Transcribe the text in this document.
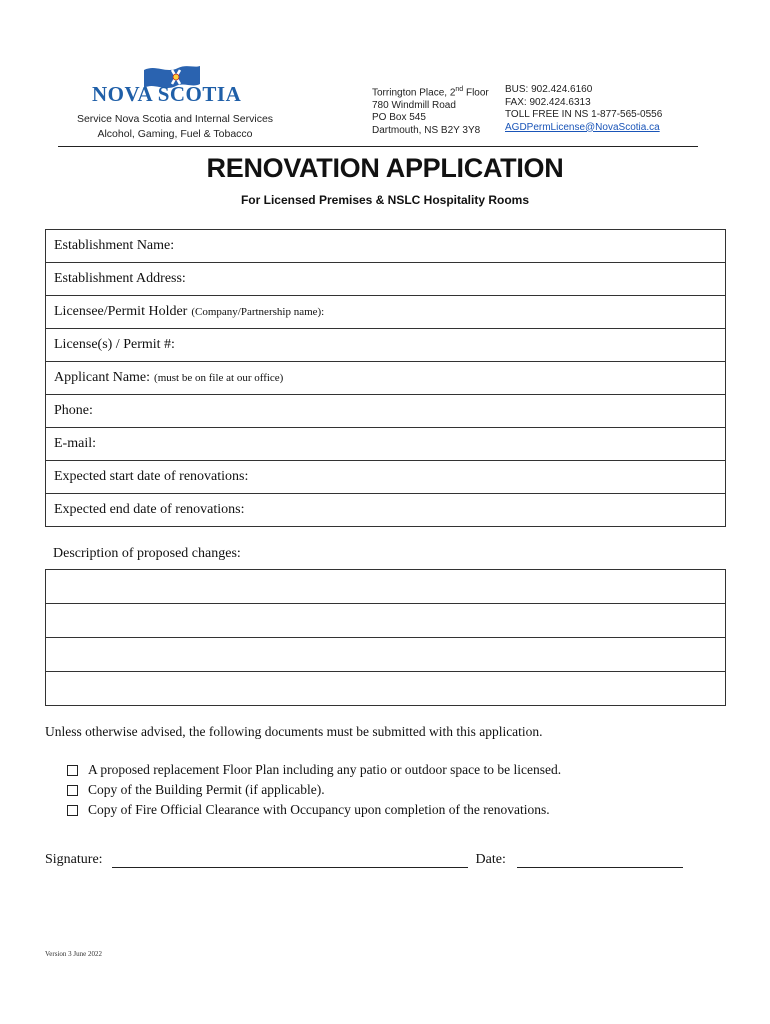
NOVA SCOTIA
Service Nova Scotia and Internal Services
Alcohol, Gaming, Fuel & Tobacco
Torrington Place, 2nd Floor
780 Windmill Road
PO Box 545
Dartmouth, NS B2Y 3Y8
BUS: 902.424.6160
FAX: 902.424.6313
TOLL FREE IN NS 1-877-565-0556
AGDPermLicense@NovaScotia.ca
RENOVATION APPLICATION
For Licensed Premises & NSLC Hospitality Rooms
Establishment Name:
Establishment Address:
Licensee/Permit Holder (Company/Partnership name):
License(s) / Permit #:
Applicant Name: (must be on file at our office)
Phone:
E-mail:
Expected start date of renovations:
Expected end date of renovations:
Description of proposed changes:
Unless otherwise advised, the following documents must be submitted with this application.
A proposed replacement Floor Plan including any patio or outdoor space to be licensed.
Copy of the Building Permit (if applicable).
Copy of Fire Official Clearance with Occupancy upon completion of the renovations.
Signature:	Date:
Version 3 June 2022
